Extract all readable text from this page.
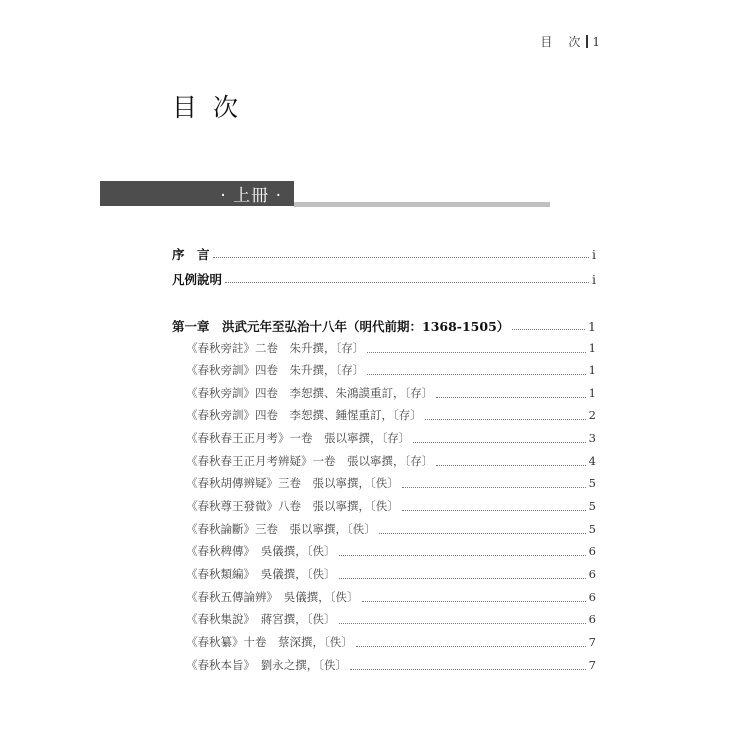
目　次 1
目次
· 上冊 ·
序　言	i
凡例說明	i
第一章　洪武元年至弘治十八年（明代前期：1368-1505）	1
《春秋旁註》二卷　朱升撰，〔存〕	1
《春秋旁訓》四卷　朱升撰，〔存〕	1
《春秋旁訓》四卷　李恕撰、朱鴻謨重訂，〔存〕	1
《春秋旁訓》四卷　李恕撰、鍾惺重訂，〔存〕	2
《春秋春王正月考》一卷　張以寧撰，〔存〕	3
《春秋春王正月考辨疑》一卷　張以寧撰，〔存〕	4
《春秋胡傳辨疑》三卷　張以寧撰，〔佚〕	5
《春秋尊王發微》八卷　張以寧撰，〔佚〕	5
《春秋論斷》三卷　張以寧撰，〔佚〕	5
《春秋稗傳》　吳儀撰，〔佚〕	6
《春秋類編》　吳儀撰，〔佚〕	6
《春秋五傳論辨》　吳儀撰，〔佚〕	6
《春秋集說》　蔣宮撰，〔佚〕	6
《春秋纂》十卷　蔡深撰，〔佚〕	7
《春秋本旨》　劉永之撰，〔佚〕	7
